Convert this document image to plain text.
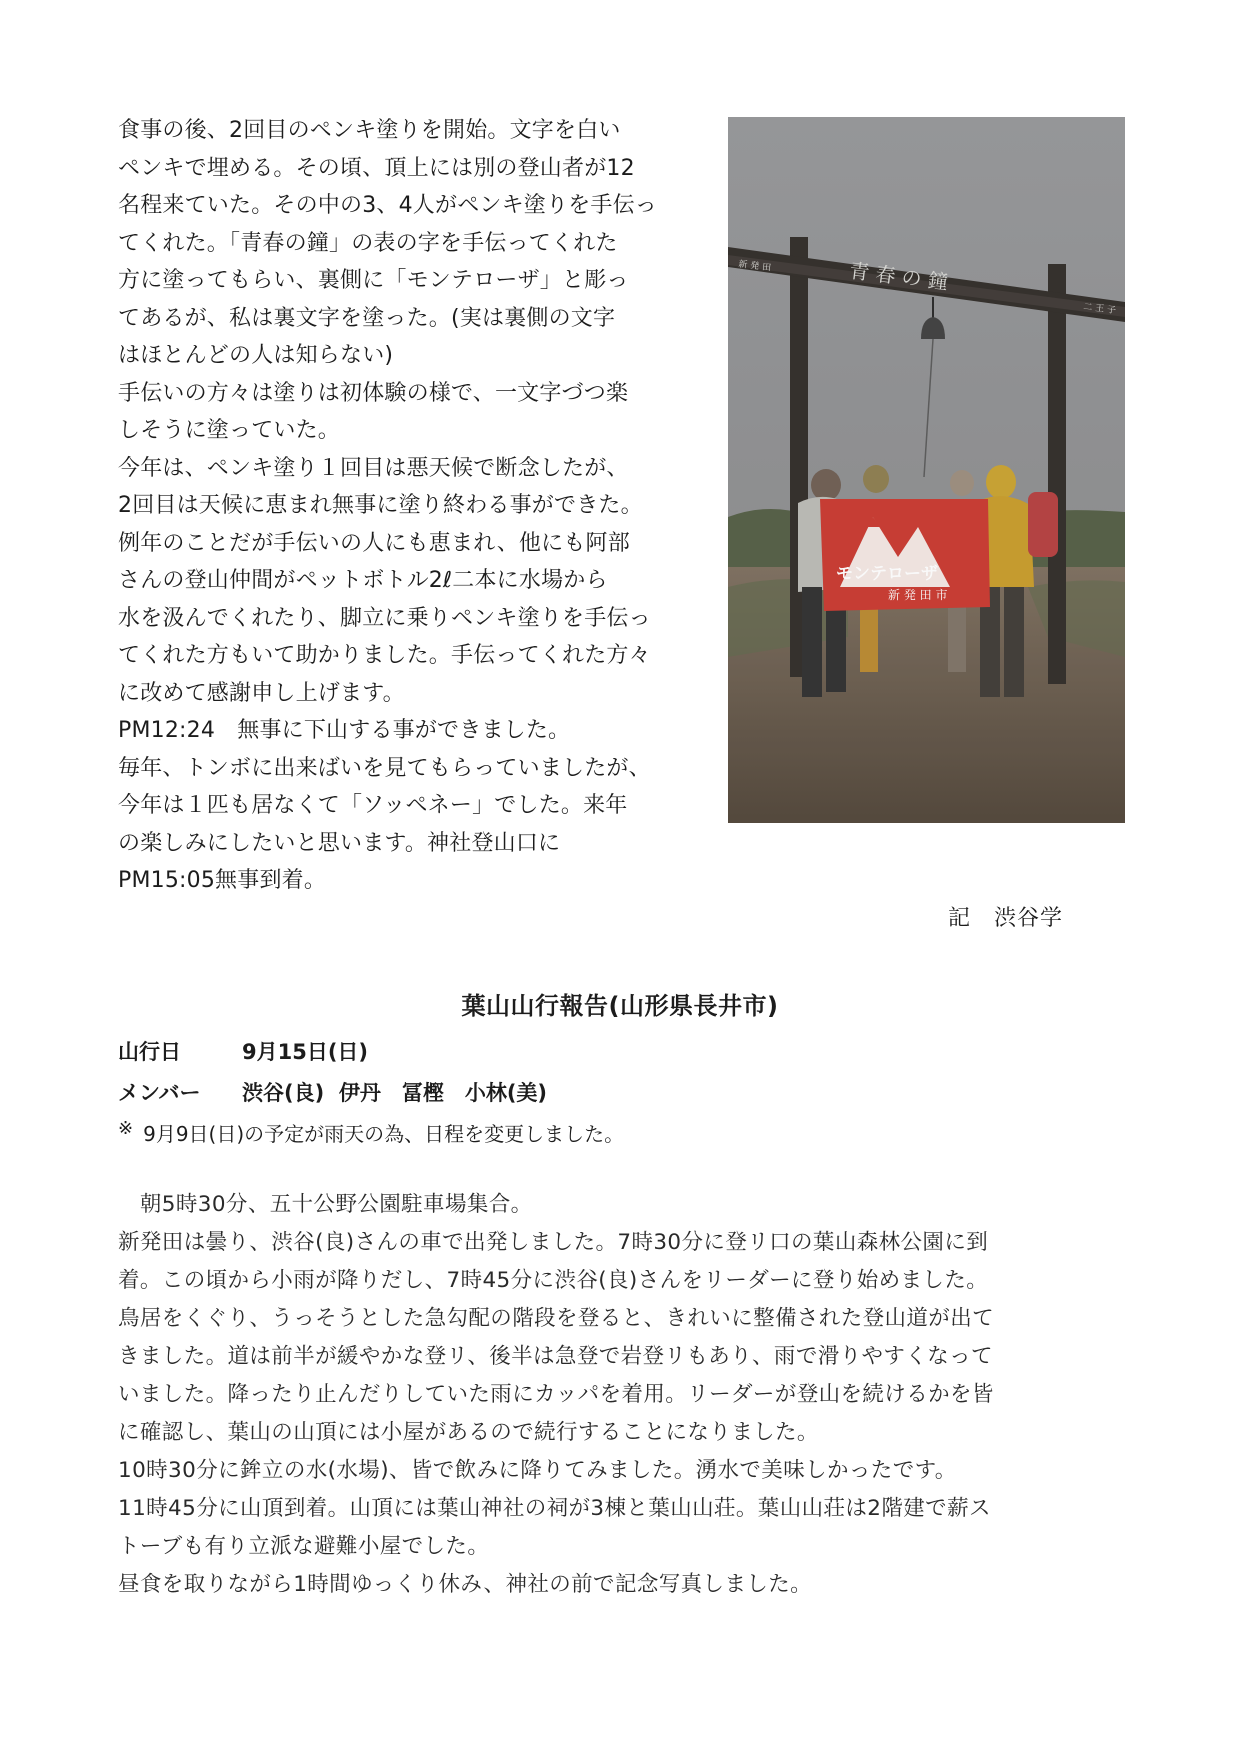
食事の後、2回目のペンキ塗りを開始。文字を白い
ペンキで埋める。その頃、頂上には別の登山者が12
名程来ていた。その中の3、4人がペンキ塗りを手伝っ
てくれた。「青春の鐘」の表の字を手伝ってくれた
方に塗ってもらい、裏側に「モンテローザ」と彫っ
てあるが、私は裏文字を塗った。(実は裏側の文字
はほとんどの人は知らない)

手伝いの方々は塗りは初体験の様で、一文字づつ楽
しそうに塗っていた。

今年は、ペンキ塗り１回目は悪天候で断念したが、
2回目は天候に恵まれ無事に塗り終わる事ができた。
例年のことだが手伝いの人にも恵まれ、他にも阿部
さんの登山仲間がペットボトル2ℓ二本に水場から
水を汲んでくれたり、脚立に乗りペンキ塗りを手伝っ
てくれた方もいて助かりました。手伝ってくれた方々
に改めて感謝申し上げます。

PM12:24　無事に下山する事ができました。

毎年、トンボに出来ばいを見てもらっていましたが、
今年は１匹も居なくて「ソッペネー」でした。来年
の楽しみにしたいと思います。神社登山口に
PM15:05無事到着。

青 春 の 鐘
新 発 田
二 王 子
モンテローザ
新 発 田 市
記　渋谷学
葉山山行報告(山形県長井市)
山行日	9月15日(日)
メンバー	渋谷(良)  伊丹　冨樫　小林(美)
※ 9月9日(日)の予定が雨天の為、日程を変更しました。

　朝5時30分、五十公野公園駐車場集合。

新発田は曇り、渋谷(良)さんの車で出発しました。7時30分に登リ口の葉山森林公園に到
着。この頃から小雨が降りだし、7時45分に渋谷(良)さんをリーダーに登り始めました。
鳥居をくぐり、うっそうとした急勾配の階段を登ると、きれいに整備された登山道が出て
きました。道は前半が緩やかな登リ、後半は急登で岩登リもあり、雨で滑りやすくなって
いました。降ったり止んだりしていた雨にカッパを着用。リーダーが登山を続けるかを皆
に確認し、葉山の山頂には小屋があるので続行することになりました。

10時30分に鉾立の水(水場)、皆で飲みに降りてみました。湧水で美味しかったです。

11時45分に山頂到着。山頂には葉山神社の祠が3棟と葉山山荘。葉山山荘は2階建で薪ス
トーブも有り立派な避難小屋でした。

昼食を取りながら1時間ゆっくり休み、神社の前で記念写真しました。
